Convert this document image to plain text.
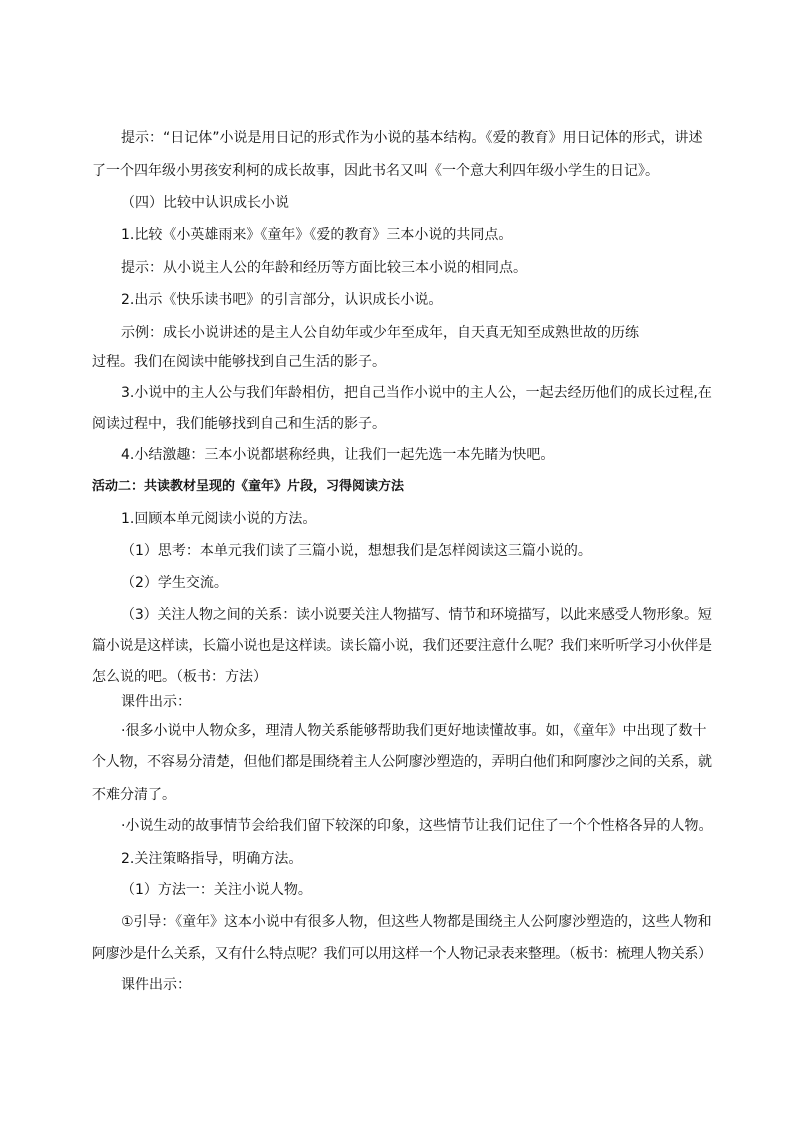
提示：“日记体”小说是用日记的形式作为小说的基本结构。《爱的教育》用日记体的形式，讲述
了一个四年级小男孩安利柯的成长故事，因此书名又叫《一个意大利四年级小学生的日记》。
（四）比较中认识成长小说
1.比较《小英雄雨来》《童年》《爱的教育》三本小说的共同点。
提示：从小说主人公的年龄和经历等方面比较三本小说的相同点。
2.出示《快乐读书吧》的引言部分，认识成长小说。
示例：成长小说讲述的是主人公自幼年或少年至成年，自天真无知至成熟世故的历练
过程。我们在阅读中能够找到自己生活的影子。
3.小说中的主人公与我们年龄相仿，把自己当作小说中的主人公，一起去经历他们的成长过程,在
阅读过程中，我们能够找到自己和生活的影子。
4.小结激趣：三本小说都堪称经典，让我们一起先选一本先睹为快吧。
活动二：共读教材呈现的《童年》片段，习得阅读方法
1.回顾本单元阅读小说的方法。
（1）思考：本单元我们读了三篇小说，想想我们是怎样阅读这三篇小说的。
（2）学生交流。
（3）关注人物之间的关系：读小说要关注人物描写、情节和环境描写，以此来感受人物形象。短
篇小说是这样读，长篇小说也是这样读。读长篇小说，我们还要注意什么呢？我们来听听学习小伙伴是
怎么说的吧。（板书：方法）
课件出示：
·很多小说中人物众多，理清人物关系能够帮助我们更好地读懂故事。如，《童年》中出现了数十
个人物，不容易分清楚，但他们都是围绕着主人公阿廖沙塑造的，弄明白他们和阿廖沙之间的关系，就
不难分清了。
·小说生动的故事情节会给我们留下较深的印象，这些情节让我们记住了一个个性格各异的人物。
2.关注策略指导，明确方法。
（1）方法一：关注小说人物。
①引导：《童年》这本小说中有很多人物，但这些人物都是围绕主人公阿廖沙塑造的，这些人物和
阿廖沙是什么关系，又有什么特点呢？我们可以用这样一个人物记录表来整理。（板书：梳理人物关系）
课件出示：
